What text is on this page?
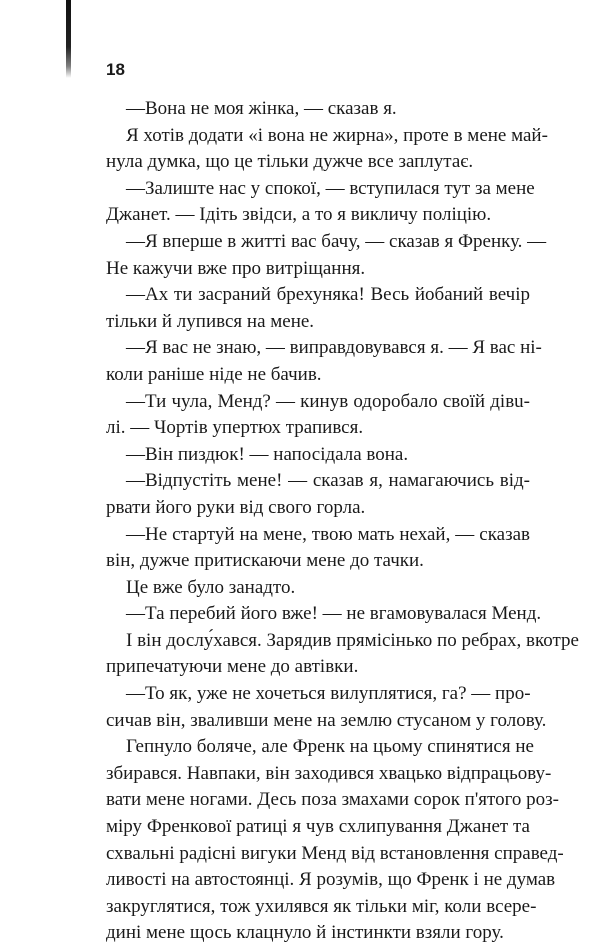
18
—Вона не моя жінка, — сказав я.
Я хотів додати «і вона не жирна», проте в мене май-
нула думка, що це тільки дужче все заплутає.
—Залиште нас у спокої, — вступилася тут за мене
Джанет. — Ідіть звідси, а то я викличу поліцію.
—Я вперше в житті вас бачу, — сказав я Френку. —
Не кажучи вже про витріщання.
—Ах ти засраний брехуняка! Весь йобаний вечір
тільки й лупився на мене.
—Я вас не знаю, — виправдовувався я. — Я вас ні-
коли раніше ніде не бачив.
—Ти чула, Менд? — кинув одоробало своїй дівu-
лі. — Чортів упертюх трапився.
—Він пиздюк! — напосідала вона.
—Відпустіть мене! — сказав я, намагаючись від-
рвати його руки від свого горла.
—Не стартуй на мене, твою мать нехай, — сказав
він, дужче притискаючи мене до тачки.
Це вже було занадто.
—Та перебий його вже! — не вгамовувалася Менд.
І він дослу́хався. Зарядив прямісінько по ребрах, вкотре
припечатуючи мене до автівки.
—То як, уже не хочеться вилуплятися, га? — про-
сичав він, зваливши мене на землю стусаном у голову.
Гепнуло боляче, але Френк на цьому спинятися не
збирався. Навпаки, він заходився хвацько відпрацьову-
вати мене ногами. Десь поза змахами сорок п'ятого роз-
міру Френкової ратиці я чув схлипування Джанет та
схвальні радісні вигуки Менд від встановлення справед-
ливості на автостоянці. Я розумів, що Френк і не думав
закруглятися, тож ухилявся як тільки міг, коли всере-
дині мене щось клацнуло й інстинкти взяли гору.
